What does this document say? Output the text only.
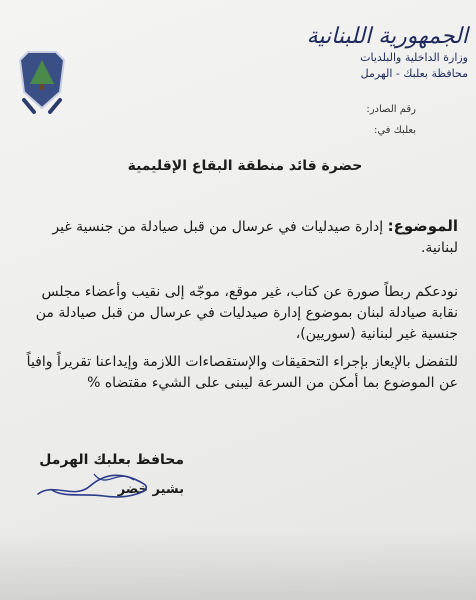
الجمهورية اللبنانية
وزارة الداخلية والبلديات
محافظة بعلبك - الهرمل
رقم الصادر:
بعلبك في:
حضرة قائد منطقة البقاع الإقليمية
الموضوع: إدارة صيدليات في عرسال من قبل صيادلة من جنسية غير لبنانية.
نودعكم ربطاً صورة عن كتاب، غير موقع، موجّه إلى نقيب وأعضاء مجلس نقابة صيادلة لبنان بموضوع إدارة صيدليات في عرسال من قبل صيادلة من جنسية غير لبنانية (سوريين)،
للتفضل بالإيعاز بإجراء التحقيقات والإستقصاءات اللازمة وإيداعنا تقريراً وافياً عن الموضوع بما أمكن من السرعة ليبنى على الشيء مقتضاه %
محافظ بعلبك الهرمل
بشير خضر
